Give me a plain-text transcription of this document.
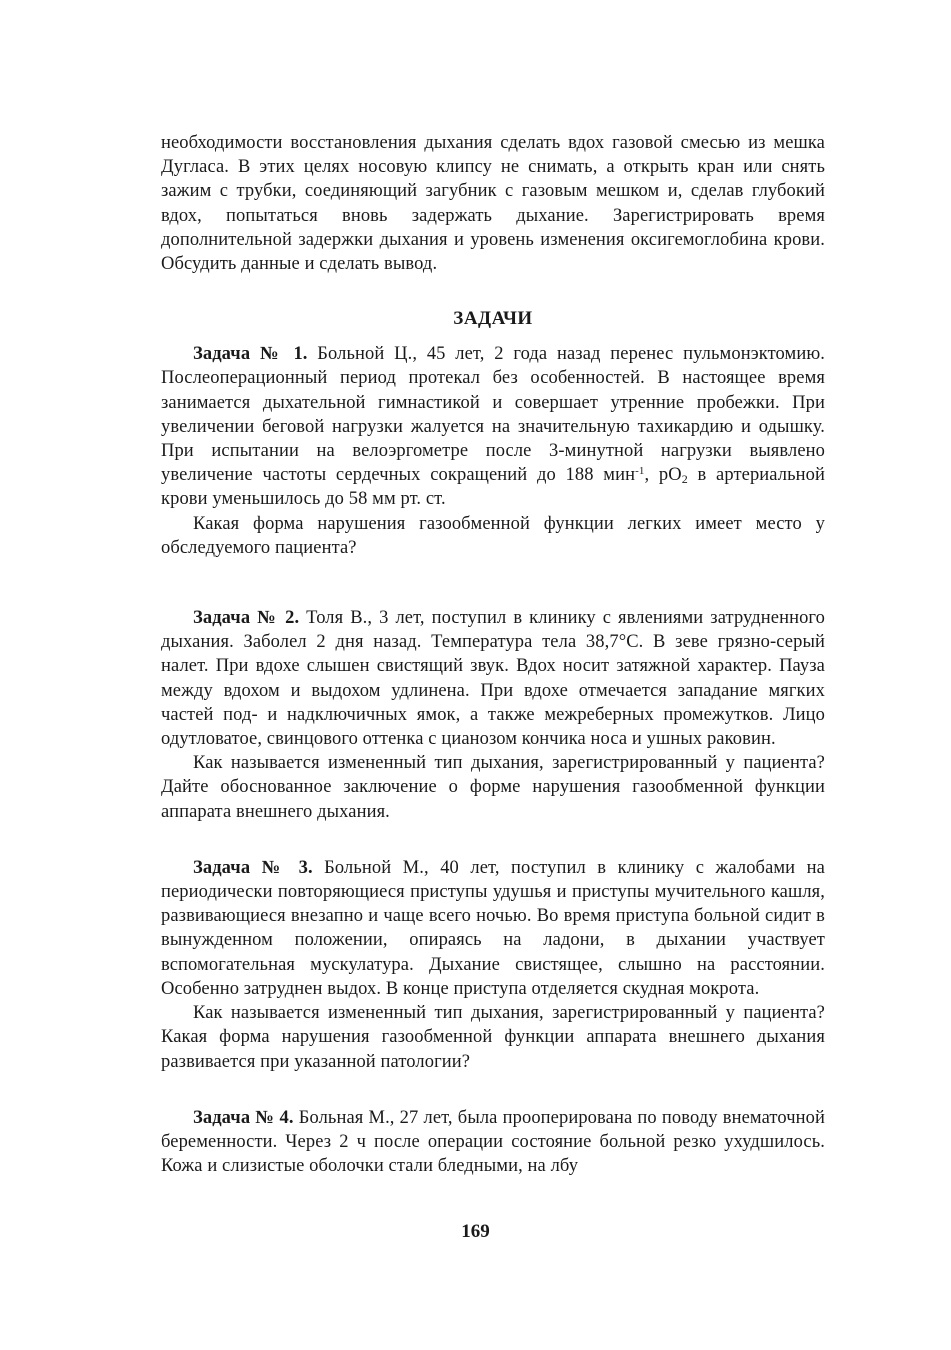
необходимости восстановления дыхания сделать вдох газовой смесью из мешка Дугласа. В этих целях носовую клипсу не снимать, а открыть кран или снять зажим с трубки, соединяющий загубник с газовым мешком и, сделав глубокий вдох, попытаться вновь задержать дыхание. Зарегистрировать время дополнительной задержки дыхания и уровень изменения оксигемоглобина крови. Обсудить данные и сделать вывод.

ЗАДАЧИ

Задача № 1. Больной Ц., 45 лет, 2 года назад перенес пульмонэктомию. Послеоперационный период протекал без особенностей. В настоящее время занимается дыхательной гимнастикой и совершает утренние пробежки. При увеличении беговой нагрузки жалуется на значительную тахикардию и одышку. При испытании на велоэргометре после 3-минутной нагрузки выявлено увеличение частоты сердечных сокращений до 188 мин$^{-1}$, $рО_2$ в артериальной крови уменьшилось до 58 мм рт. ст.

Какая форма нарушения газообменной функции легких имеет место у обследуемого пациента?

Задача № 2. Толя В., 3 лет, поступил в клинику с явлениями затрудненного дыхания. Заболел 2 дня назад. Температура тела 38,7°С. В зеве грязно-серый налет. При вдохе слышен свистящий звук. Вдох носит затяжной характер. Пауза между вдохом и выдохом удлинена. При вдохе отмечается западание мягких частей под- и надключичных ямок, а также межреберных промежутков. Лицо одутловатое, свинцового оттенка с цианозом кончика носа и ушных раковин.

Как называется измененный тип дыхания, зарегистрированный у пациента? Дайте обоснованное заключение о форме нарушения газообменной функции аппарата внешнего дыхания.

Задача № 3. Больной М., 40 лет, поступил в клинику с жалобами на периодически повторяющиеся приступы удушья и приступы мучительного кашля, развивающиеся внезапно и чаще всего ночью. Во время приступа больной сидит в вынужденном положении, опираясь на ладони, в дыхании участвует вспомогательная мускулатура. Дыхание свистящее, слышно на расстоянии. Особенно затруднен выдох. В конце приступа отделяется скудная мокрота.

Как называется измененный тип дыхания, зарегистрированный у пациента? Какая форма нарушения газообменной функции аппарата внешнего дыхания развивается при указанной патологии?

Задача № 4. Больная М., 27 лет, была прооперирована по поводу внематочной беременности. Через 2 ч после операции состояние больной резко ухудшилось. Кожа и слизистые оболочки стали бледными, на лбу

169
